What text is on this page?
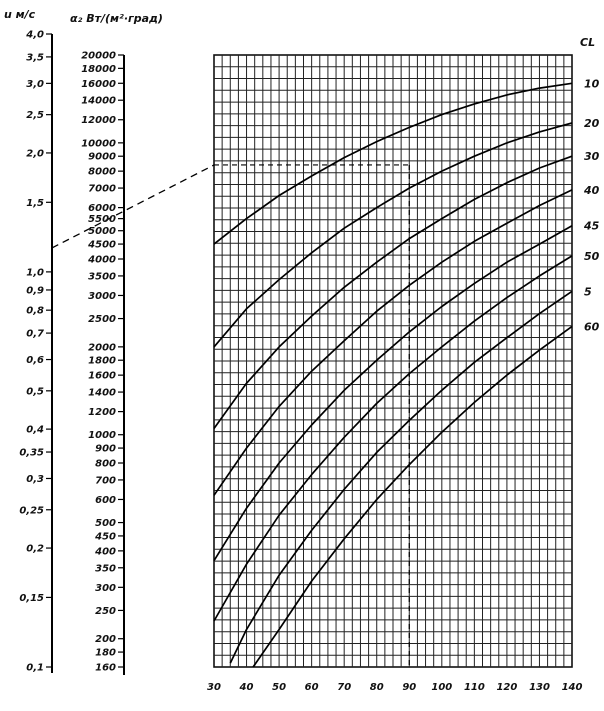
u м/с
4,0
3,5
3,0
2,5
2,0
1,5
1,0
0,9
0,8
0,7
0,6
0,5
0,4
0,35
0,3
0,25
0,2
0,15
0,1
α₂ Вт/(м²·град)
20000
18000
16000
14000
12000
10000
9000
8000
7000
6000
5500
5000
4500
4000
3500
3000
2500
2000
1800
1600
1400
1200
1000
900
800
700
600
500
450
400
350
300
250
200
180
160
30 40 50 60 70 80 90 100 110 120 130 140
CL
10
20
30
40
45
50
5
60
